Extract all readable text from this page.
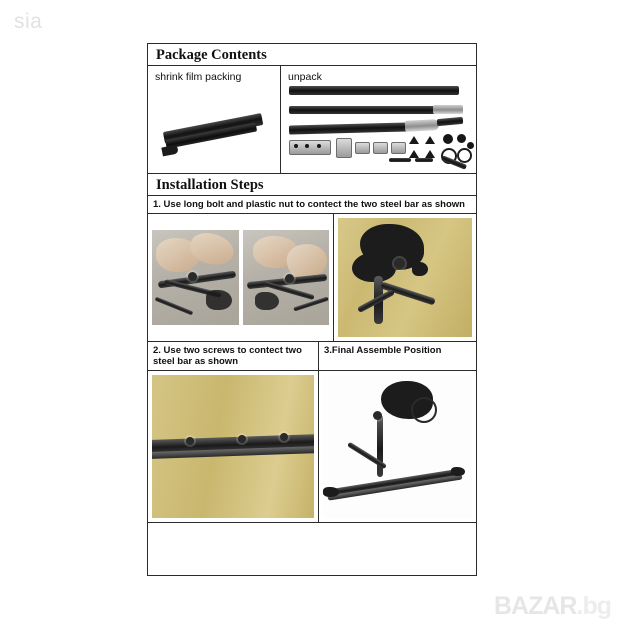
sia
Package Contents
shrink film packing	unpack
Installation Steps
1. Use long bolt and plastic nut to contect the two steel bar as shown
2. Use two screws to contect two steel bar as shown
3.Final Assemble Position
BAZAR.bg
